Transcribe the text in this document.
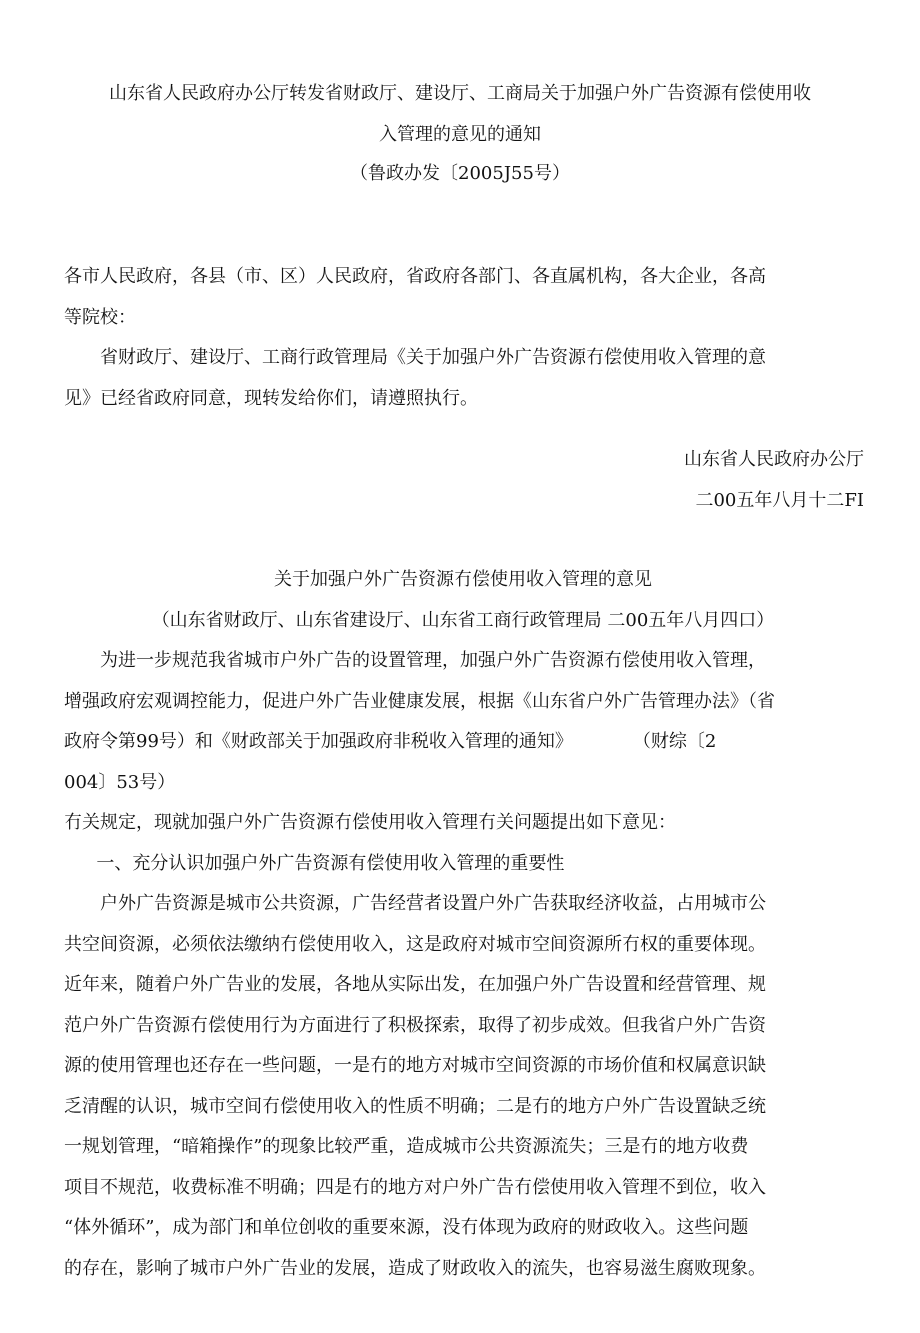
山东省人民政府办公厅转发省财政厅、建设厅、工商局关于加强户外广告资源有偿使用收

入管理的意见的通知

（鲁政办发〔2005J55号）

各市人民政府，各县（市、区）人民政府，省政府各部门、各直属机构，各大企业，各高

等院校：

省财政厅、建设厅、工商行政管理局《关于加强户外广告资源冇偿使用收入管理的意

见》已经省政府同意，现转发给你们，请遵照执行。

山东省人民政府办公厅

二00五年八月十二FI

关于加强户外广告资源冇偿使用收入管理的意见

（山东省财政厅、山东省建设厅、山东省工商行政管理局 二00五年八月四口）

为进一步规范我省城市户外广告的设置管理，加强户外广告资源冇偿使用收入管理，

增强政府宏观调控能力，促进户外广告业健康发展，根据《山东省户外广告管理办法》（省

政府令第99号）和《财政部关于加强政府非税收入管理的通知》	（财综〔2

004〕53号）

冇关规定，现就加强户外广告资源冇偿使用收入管理冇关问题提出如下意见：

一、充分认识加强户外广告资源有偿使用收入管理的重要性

户外广告资源是城市公共资源，广告经营者设置户外广告获取经济收益，占用城市公

共空间资源，必须依法缴纳冇偿使用收入，这是政府对城市空间资源所冇权的重要体现。

近年来，随着户外广告业的发展，各地从实际出发，在加强户外广告设置和经营管理、规

范户外广告资源冇偿使用行为方面进行了积极探索，取得了初步成效。但我省户外广告资

源的使用管理也还存在一些问题，一是冇的地方对城市空间资源的市场价值和权属意识缺

乏清醒的认识，城市空间冇偿使用收入的性质不明确；二是冇的地方户外广告设置缺乏统

一规划管理，“暗箱操作”的现象比较严重，造成城市公共资源流失；三是冇的地方收费

项目不规范，收费标准不明确；四是冇的地方对户外广告冇偿使用收入管理不到位，收入

“体外循环”，成为部门和单位创收的重要來源，没冇体现为政府的财政收入。这些问题

的存在，影响了城市户外广告业的发展，造成了财政收入的流失，也容易滋生腐败现象。
